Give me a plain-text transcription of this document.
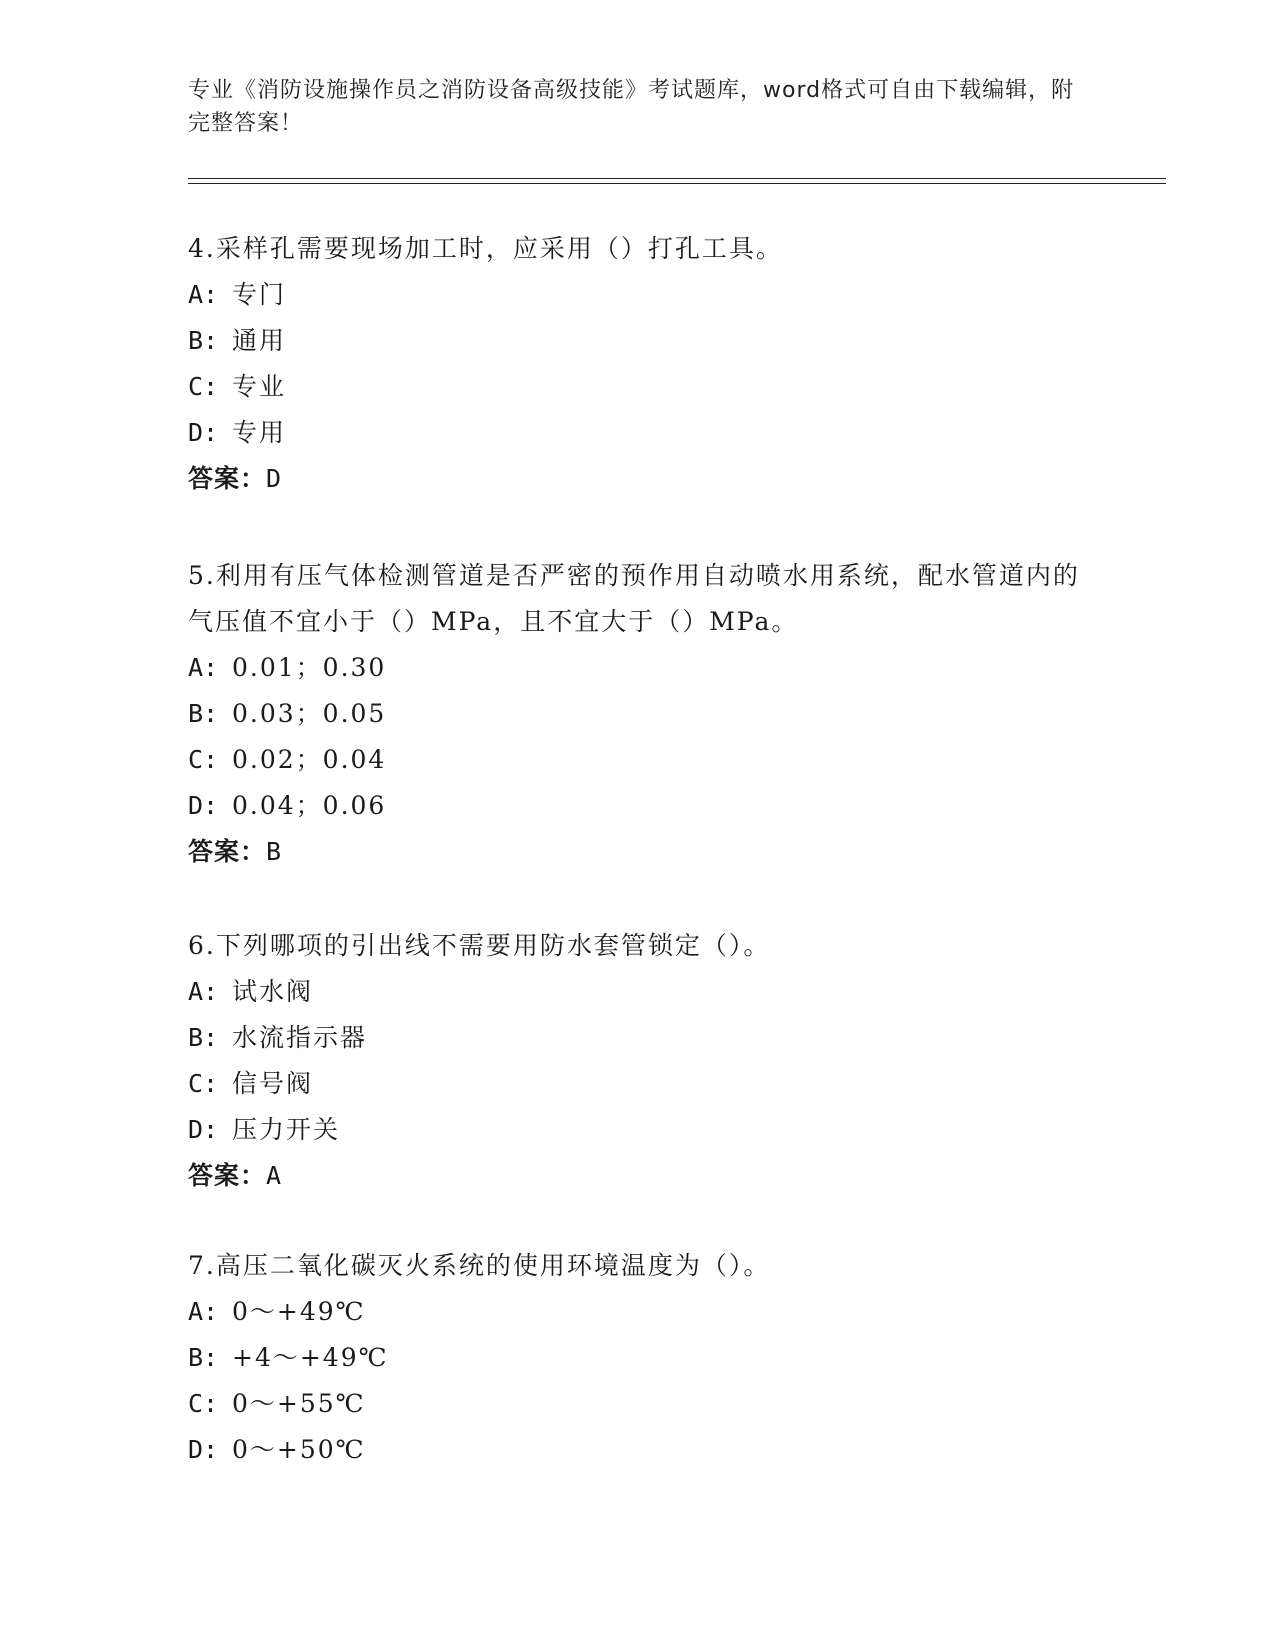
专业《消防设施操作员之消防设备高级技能》考试题库，word格式可自由下载编辑，附完整答案！
4.采样孔需要现场加工时，应采用（）打孔工具。
A: 专门
B: 通用
C: 专业
D: 专用
答案：D
5.利用有压气体检测管道是否严密的预作用自动喷水用系统，配水管道内的气压值不宜小于（）MPa，且不宜大于（）MPa。
A: 0.01；0.30
B: 0.03；0.05
C: 0.02；0.04
D: 0.04；0.06
答案：B
6.下列哪项的引出线不需要用防水套管锁定（）。
A: 试水阀
B: 水流指示器
C: 信号阀
D: 压力开关
答案：A
7.高压二氧化碳灭火系统的使用环境温度为（）。
A: 0～+49℃
B: +4～+49℃
C: 0～+55℃
D: 0～+50℃
